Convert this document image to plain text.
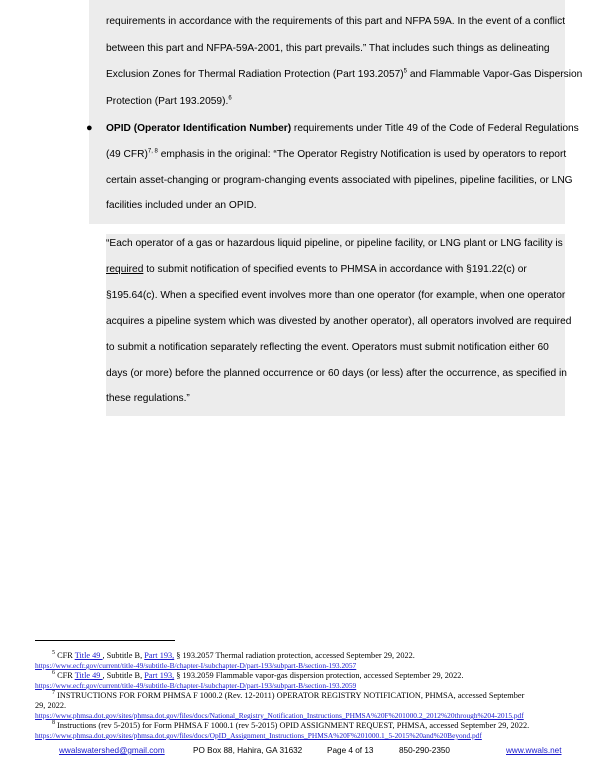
requirements in accordance with the requirements of this part and NFPA 59A. In the event of a conflict
between this part and NFPA-59A-2001, this part prevails.” That includes such things as delineating
Exclusion Zones for Thermal Radiation Protection (Part 193.2057)$^5$ and Flammable Vapor-Gas Dispersion
Protection (Part 193.2059).$^6$
● OPID (Operator Identification Number) requirements under Title 49 of the Code of Federal Regulations
(49 CFR)$^{7, 8}$ emphasis in the original: “The Operator Registry Notification is used by operators to report
certain asset-changing or program-changing events associated with pipelines, pipeline facilities, or LNG
facilities included under an OPID.
“Each operator of a gas or hazardous liquid pipeline, or pipeline facility, or LNG plant or LNG facility is
required to submit notification of specified events to PHMSA in accordance with §191.22(c) or
§195.64(c). When a specified event involves more than one operator (for example, when one operator
acquires a pipeline system which was divested by another operator), all operators involved are required
to submit a notification separately reflecting the event. Operators must submit notification either 60
days (or more) before the planned occurrence or 60 days (or less) after the occurrence, as specified in
these regulations.”
$^5$ CFR Title 49 , Subtitle B, Part 193, § 193.2057 Thermal radiation protection, accessed September 29, 2022.
https://www.ecfr.gov/current/title-49/subtitle-B/chapter-I/subchapter-D/part-193/subpart-B/section-193.2057
$^6$ CFR Title 49 , Subtitle B, Part 193, § 193.2059 Flammable vapor-gas dispersion protection, accessed September 29, 2022.
https://www.ecfr.gov/current/title-49/subtitle-B/chapter-I/subchapter-D/part-193/subpart-B/section-193.2059
$^7$ INSTRUCTIONS FOR FORM PHMSA F 1000.2 (Rev. 12-2011) OPERATOR REGISTRY NOTIFICATION, PHMSA, accessed September
29, 2022.
https://www.phmsa.dot.gov/sites/phmsa.dot.gov/files/docs/National_Registry_Notification_Instructions_PHMSA%20F%201000.2_2012%20through%204-2015.pdf
$^8$ Instructions (rev 5-2015) for Form PHMSA F 1000.1 (rev 5-2015) OPID ASSIGNMENT REQUEST, PHMSA, accessed September 29, 2022.
https://www.phmsa.dot.gov/sites/phmsa.dot.gov/files/docs/OpID_Assignment_Instructions_PHMSA%20F%201000.1_5-2015%20and%20Beyond.pdf
wwalswatershed@gmail.com	PO Box 88, Hahira, GA 31632	Page 4 of 13	850-290-2350	www.wwals.net
